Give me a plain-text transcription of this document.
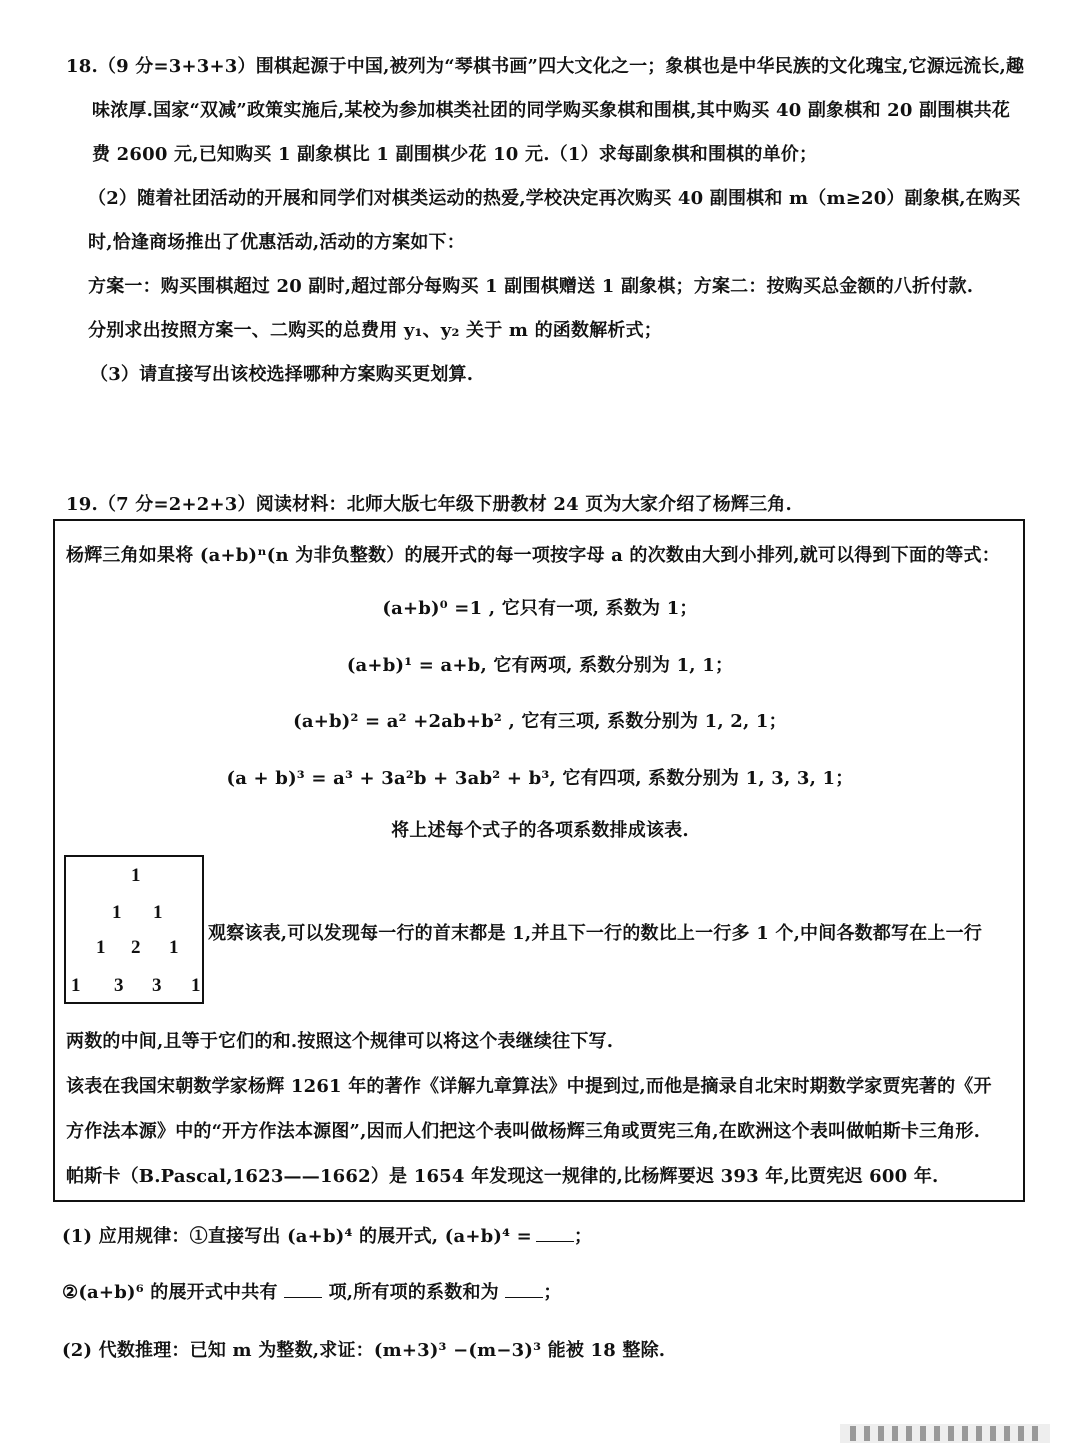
18.（9 分=3+3+3）围棋起源于中国,被列为“琴棋书画”四大文化之一；象棋也是中华民族的文化瑰宝,它源远流长,趣
味浓厚.国家“双减”政策实施后,某校为参加棋类社团的同学购买象棋和围棋,其中购买 40 副象棋和 20 副围棋共花
费 2600 元,已知购买 1 副象棋比 1 副围棋少花 10 元.（1）求每副象棋和围棋的单价；
（2）随着社团活动的开展和同学们对棋类运动的热爱,学校决定再次购买 40 副围棋和 m（m≥20）副象棋,在购买
时,恰逢商场推出了优惠活动,活动的方案如下：
方案一：购买围棋超过 20 副时,超过部分每购买 1 副围棋赠送 1 副象棋；方案二：按购买总金额的八折付款.
分别求出按照方案一、二购买的总费用 y₁、y₂ 关于 m 的函数解析式；
（3）请直接写出该校选择哪种方案购买更划算.
19.（7 分=2+2+3）阅读材料：北师大版七年级下册教材 24 页为大家介绍了杨辉三角.
杨辉三角如果将 (a+b)ⁿ(n 为非负整数）的展开式的每一项按字母 a 的次数由大到小排列,就可以得到下面的等式：
(a+b)⁰ =1 , 它只有一项, 系数为 1；
(a+b)¹ = a+b, 它有两项, 系数分别为 1, 1；
(a+b)² = a² +2ab+b² , 它有三项, 系数分别为 1, 2, 1；
(a + b)³ = a³ + 3a²b + 3ab² + b³, 它有四项, 系数分别为 1, 3, 3, 1；
将上述每个式子的各项系数排成该表.
1
1 1
1 2 1
1 3 3 1
观察该表,可以发现每一行的首末都是 1,并且下一行的数比上一行多 1 个,中间各数都写在上一行
两数的中间,且等于它们的和.按照这个规律可以将这个表继续往下写.
该表在我国宋朝数学家杨辉 1261 年的著作《详解九章算法》中提到过,而他是摘录自北宋时期数学家贾宪著的《开
方作法本源》中的“开方作法本源图”,因而人们把这个表叫做杨辉三角或贾宪三角,在欧洲这个表叫做帕斯卡三角形.
帕斯卡（B.Pascal,1623——1662）是 1654 年发现这一规律的,比杨辉要迟 393 年,比贾宪迟 600 年.
(1) 应用规律：①直接写出 (a+b)⁴ 的展开式, (a+b)⁴ = ；
②(a+b)⁶ 的展开式中共有	项,所有项的系数和为 ；
(2) 代数推理：已知 m 为整数,求证：(m+3)³ −(m−3)³ 能被 18 整除.
